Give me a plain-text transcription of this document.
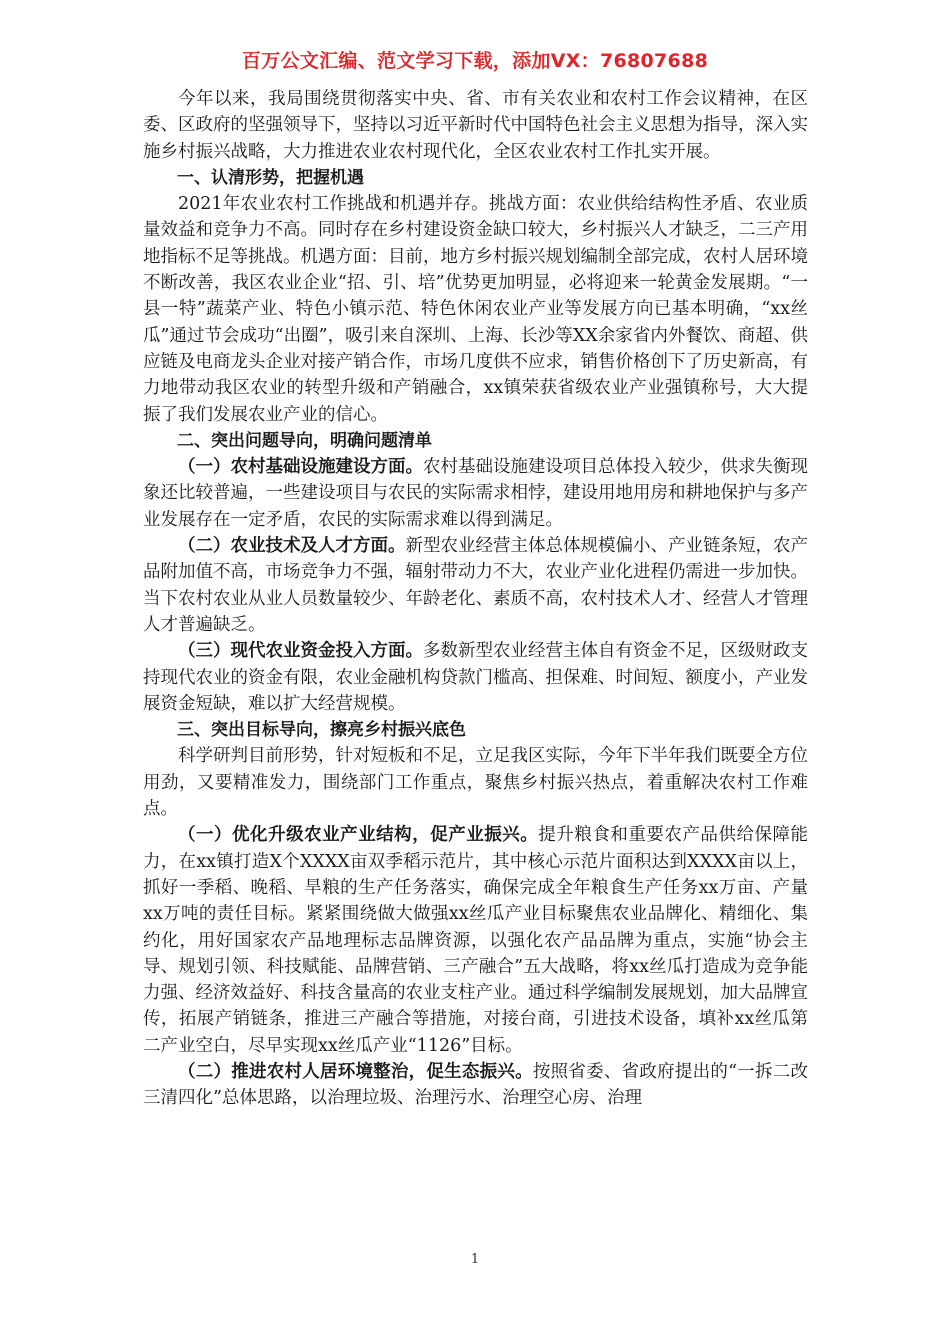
百万公文汇编、范文学习下载，添加VX：76807688

今年以来，我局围绕贯彻落实中央、省、市有关农业和农村工作会议精神，在区委、区政府的坚强领导下，坚持以习近平新时代中国特色社会主义思想为指导，深入实施乡村振兴战略，大力推进农业农村现代化，全区农业农村工作扎实开展。

一、认清形势，把握机遇

2021年农业农村工作挑战和机遇并存。挑战方面：农业供给结构性矛盾、农业质量效益和竞争力不高。同时存在乡村建设资金缺口较大，乡村振兴人才缺乏，二三产用地指标不足等挑战。机遇方面：目前，地方乡村振兴规划编制全部完成，农村人居环境不断改善，我区农业企业“招、引、培”优势更加明显，必将迎来一轮黄金发展期。“一县一特”蔬菜产业、特色小镇示范、特色休闲农业产业等发展方向已基本明确，“xx丝瓜”通过节会成功“出圈”，吸引来自深圳、上海、长沙等XX余家省内外餐饮、商超、供应链及电商龙头企业对接产销合作，市场几度供不应求，销售价格创下了历史新高，有力地带动我区农业的转型升级和产销融合，xx镇荣获省级农业产业强镇称号，大大提振了我们发展农业产业的信心。

二、突出问题导向，明确问题清单

（一）农村基础设施建设方面。农村基础设施建设项目总体投入较少，供求失衡现象还比较普遍，一些建设项目与农民的实际需求相悖，建设用地用房和耕地保护与多产业发展存在一定矛盾，农民的实际需求难以得到满足。

（二）农业技术及人才方面。新型农业经营主体总体规模偏小、产业链条短，农产品附加值不高，市场竞争力不强，辐射带动力不大，农业产业化进程仍需进一步加快。当下农村农业从业人员数量较少、年龄老化、素质不高，农村技术人才、经营人才管理人才普遍缺乏。

（三）现代农业资金投入方面。多数新型农业经营主体自有资金不足，区级财政支持现代农业的资金有限，农业金融机构贷款门槛高、担保难、时间短、额度小，产业发展资金短缺，难以扩大经营规模。

三、突出目标导向，擦亮乡村振兴底色

科学研判目前形势，针对短板和不足，立足我区实际，今年下半年我们既要全方位用劲，又要精准发力，围绕部门工作重点，聚焦乡村振兴热点，着重解决农村工作难点。

（一）优化升级农业产业结构，促产业振兴。提升粮食和重要农产品供给保障能力，在xx镇打造X个XXXX亩双季稻示范片，其中核心示范片面积达到XXXX亩以上，抓好一季稻、晚稻、旱粮的生产任务落实，确保完成全年粮食生产任务xx万亩、产量xx万吨的责任目标。紧紧围绕做大做强xx丝瓜产业目标聚焦农业品牌化、精细化、集约化，用好国家农产品地理标志品牌资源，以强化农产品品牌为重点，实施“协会主导、规划引领、科技赋能、品牌营销、三产融合”五大战略，将xx丝瓜打造成为竞争能力强、经济效益好、科技含量高的农业支柱产业。通过科学编制发展规划，加大品牌宣传，拓展产销链条，推进三产融合等措施，对接台商，引进技术设备，填补xx丝瓜第二产业空白，尽早实现xx丝瓜产业“1126”目标。

（二）推进农村人居环境整治，促生态振兴。按照省委、省政府提出的“一拆二改三清四化”总体思路，以治理垃圾、治理污水、治理空心房、治理

1
